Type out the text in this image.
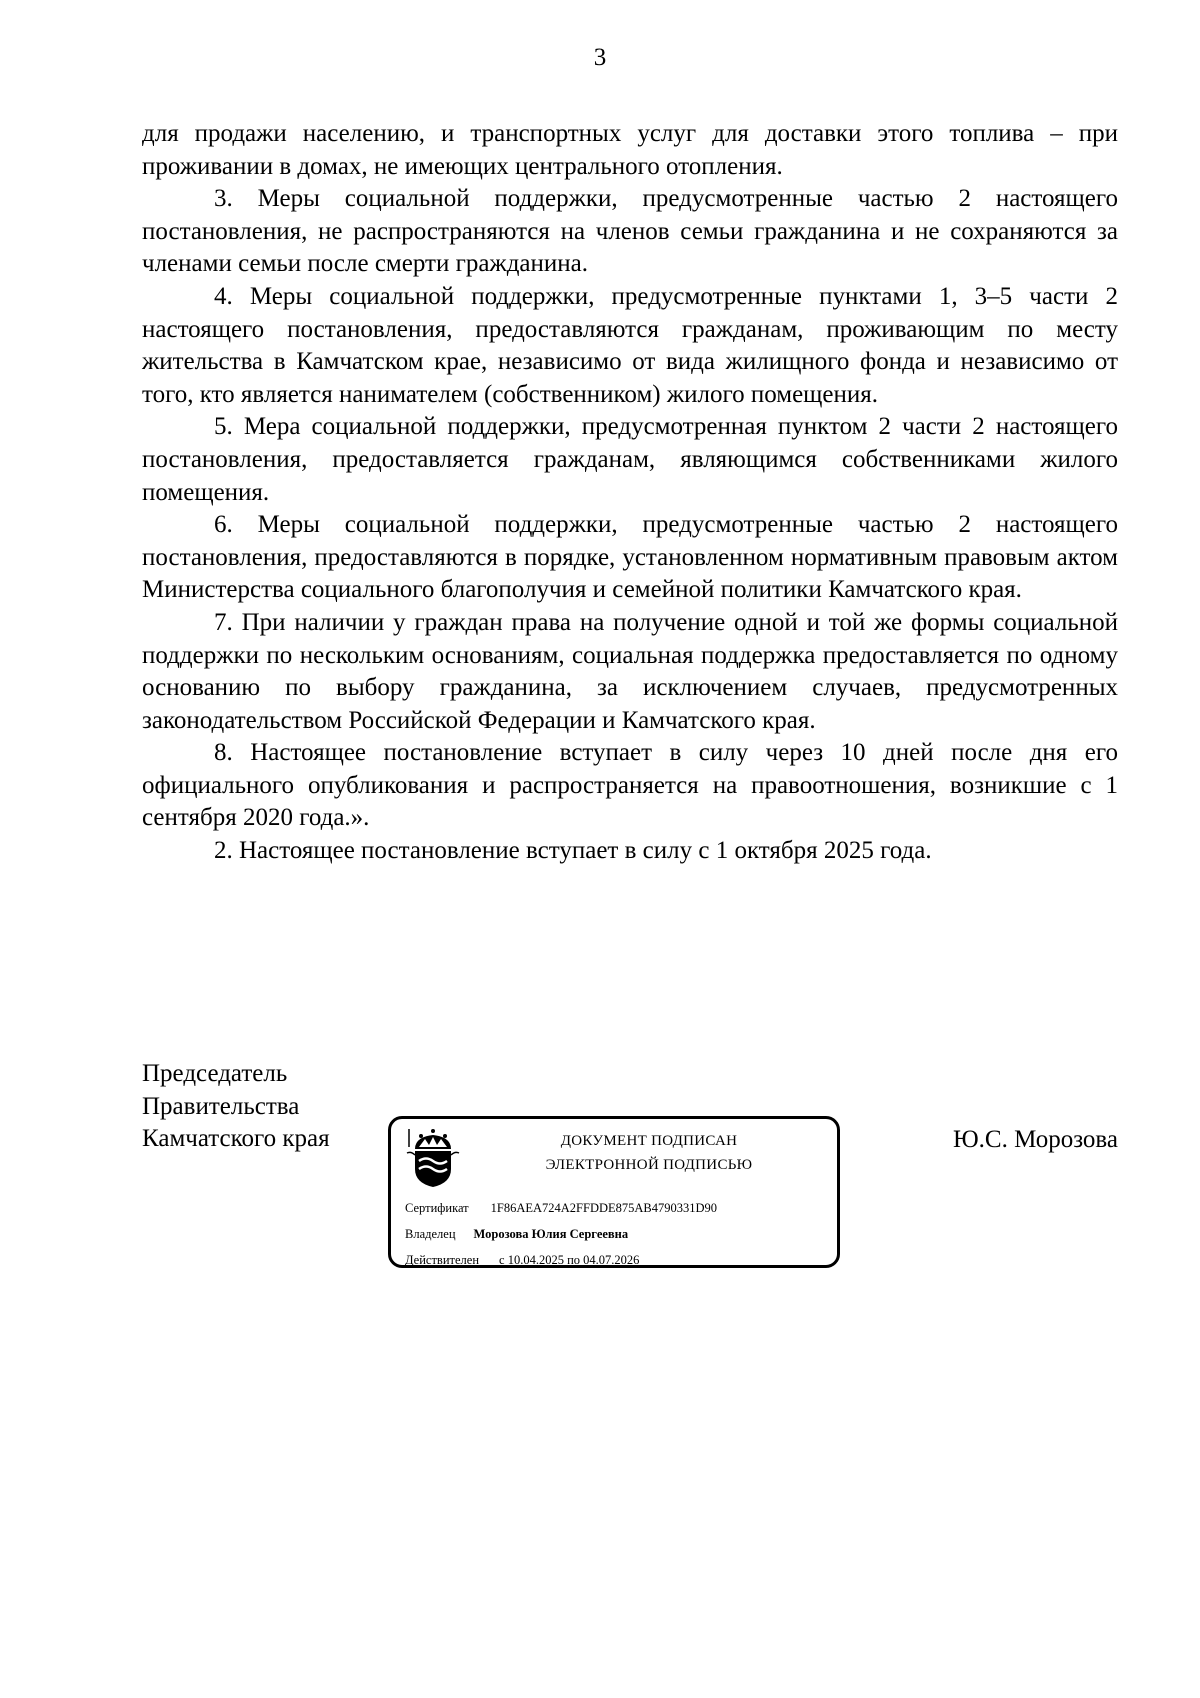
3

для продажи населению, и транспортных услуг для доставки этого топлива – при проживании в домах, не имеющих центрального отопления.

3. Меры социальной поддержки, предусмотренные частью 2 настоящего постановления, не распространяются на членов семьи гражданина и не сохраняются за членами семьи после смерти гражданина.

4. Меры социальной поддержки, предусмотренные пунктами 1, 3–5 части 2 настоящего постановления, предоставляются гражданам, проживающим по месту жительства в Камчатском крае, независимо от вида жилищного фонда и независимо от того, кто является нанимателем (собственником) жилого помещения.

5. Мера социальной поддержки, предусмотренная пунктом 2 части 2 настоящего постановления, предоставляется гражданам, являющимся собственниками жилого помещения.

6. Меры социальной поддержки, предусмотренные частью 2 настоящего постановления, предоставляются в порядке, установленном нормативным правовым актом Министерства социального благополучия и семейной политики Камчатского края.

7. При наличии у граждан права на получение одной и той же формы социальной поддержки по нескольким основаниям, социальная поддержка предоставляется по одному основанию по выбору гражданина, за исключением случаев, предусмотренных законодательством Российской Федерации и Камчатского края.

8. Настоящее постановление вступает в силу через 10 дней после дня его официального опубликования и распространяется на правоотношения, возникшие с 1 сентября 2020 года.».

2. Настоящее постановление вступает в силу с 1 октября 2025 года.

Председатель
Правительства
Камчатского края	Ю.С. Морозова
ДОКУМЕНТ ПОДПИСАН
ЭЛЕКТРОННОЙ ПОДПИСЬЮ
Сертификат 1F86AEA724A2FFDDE875AB4790331D90
Владелец Морозова Юлия Сергеевна
Действителен с 10.04.2025 по 04.07.2026
